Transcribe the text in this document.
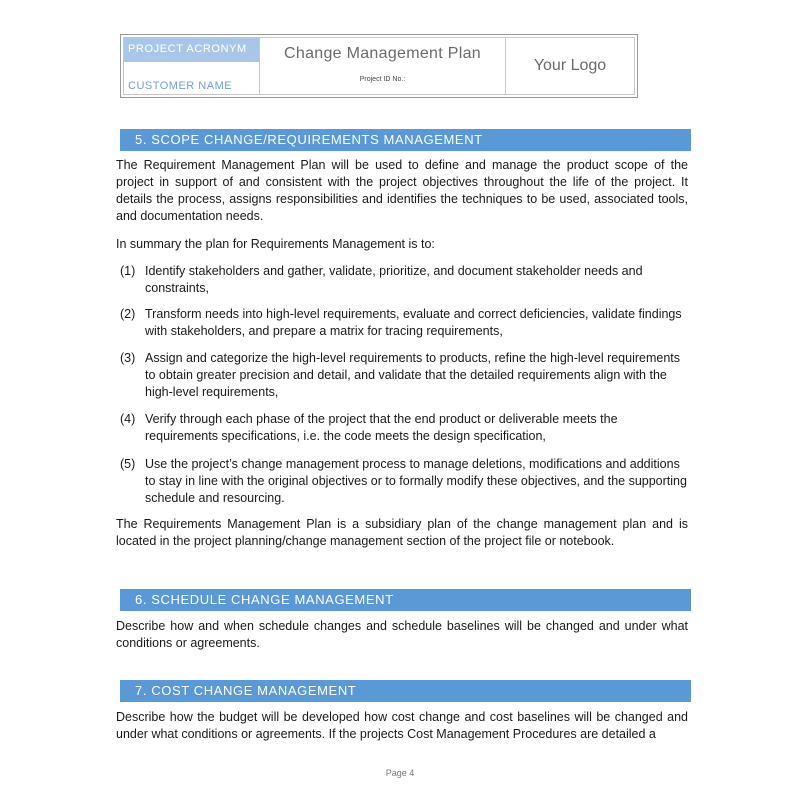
PROJECT ACRONYM
CUSTOMER NAME
Change Management Plan
Project ID No.:
Your Logo
5. SCOPE CHANGE/REQUIREMENTS MANAGEMENT

The Requirement Management Plan will be used to define and manage the product scope of the project in support of and consistent with the project objectives throughout the life of the project. It details the process, assigns responsibilities and identifies the techniques to be used, associated tools, and documentation needs.

In summary the plan for Requirements Management is to:

(1) Identify stakeholders and gather, validate, prioritize, and document stakeholder needs and constraints,
(2) Transform needs into high-level requirements, evaluate and correct deficiencies, validate findings with stakeholders, and prepare a matrix for tracing requirements,
(3) Assign and categorize the high-level requirements to products, refine the high-level requirements to obtain greater precision and detail, and validate that the detailed requirements align with the high-level requirements,
(4) Verify through each phase of the project that the end product or deliverable meets the requirements specifications, i.e. the code meets the design specification,
(5) Use the project’s change management process to manage deletions, modifications and additions to stay in line with the original objectives or to formally modify these objectives, and the supporting schedule and resourcing.

The Requirements Management Plan is a subsidiary plan of the change management plan and is located in the project planning/change management section of the project file or notebook.

6. SCHEDULE CHANGE MANAGEMENT

Describe how and when schedule changes and schedule baselines will be changed and under what conditions or agreements.

7. COST CHANGE MANAGEMENT

Describe how the budget will be developed how cost change and cost baselines will be changed and under what conditions or agreements. If the projects Cost Management Procedures are detailed a

Page 4
